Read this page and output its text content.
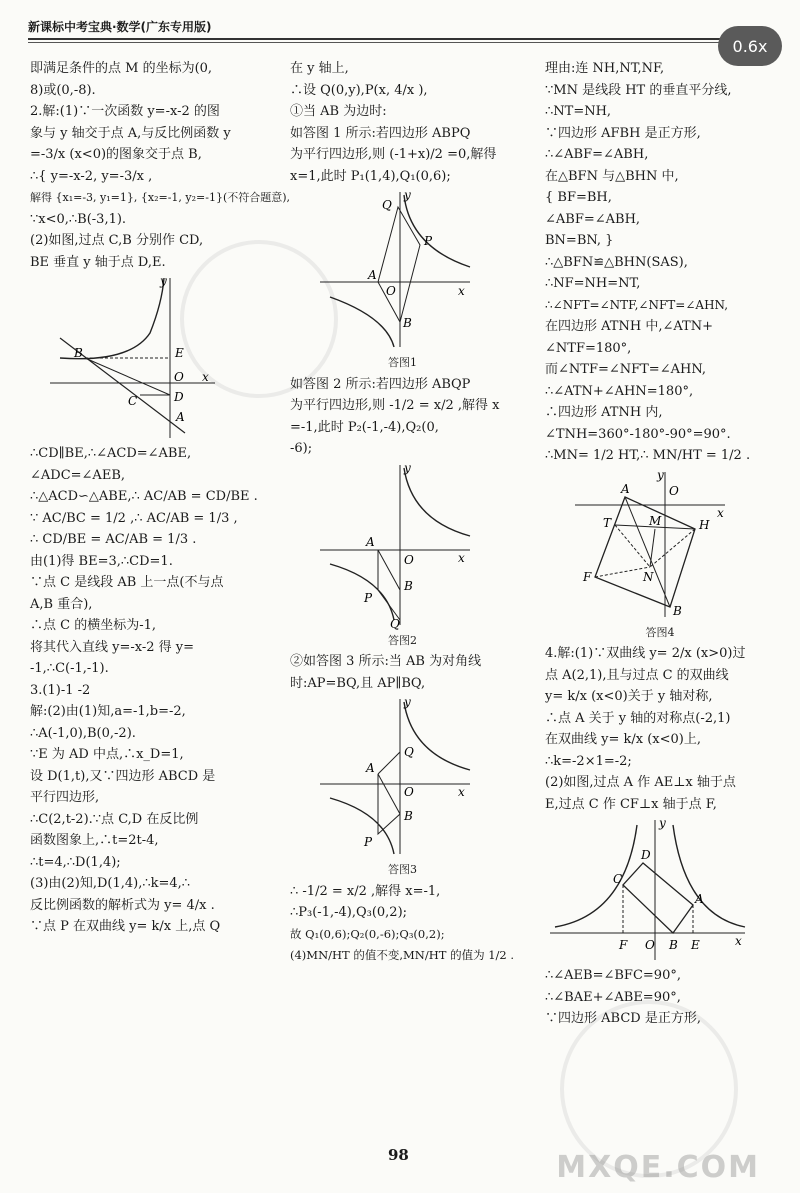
新课标中考宝典·数学(广东专用版)
0.6x

即满足条件的点 M 的坐标为(0,

8)或(0,-8).

2.解:(1)∵一次函数 y=-x-2 的图

象与 y 轴交于点 A,与反比例函数 y

=-3/x (x<0)的图象交于点 B,

∴{ y=-x-2, y=-3/x ,

解得 {x₁=-3, y₁=1}, {x₂=-1, y₂=-1}(不符合题意),

∵x<0,∴B(-3,1).

(2)如图,过点 C,B 分别作 CD,

BE 垂直 y 轴于点 D,E.

B	E
O x
y
C	D
A

∴CD∥BE,∴∠ACD=∠ABE,

∠ADC=∠AEB,

∴△ACD∽△ABE,∴ AC/AB = CD/BE .

∵ AC/BC = 1/2 ,∴ AC/AB = 1/3 ,

∴ CD/BE = AC/AB = 1/3 .

由(1)得 BE=3,∴CD=1.

∵点 C 是线段 AB 上一点(不与点

A,B 重合),

∴点 C 的横坐标为-1,

将其代入直线 y=-x-2 得 y=

-1,∴C(-1,-1).

3.(1)-1 -2

解:(2)由(1)知,a=-1,b=-2,

∴A(-1,0),B(0,-2).

∵E 为 AD 中点,∴x_D=1,

设 D(1,t),又∵四边形 ABCD 是

平行四边形,

∴C(2,t-2).∵点 C,D 在反比例

函数图象上,∴t=2t-4,

∴t=4,∴D(1,4);

(3)由(2)知,D(1,4),∴k=4,∴

反比例函数的解析式为 y= 4/x .

∵点 P 在双曲线 y= k/x 上,点 Q

在 y 轴上,

∴设 Q(0,y),P(x, 4/x ),

①当 AB 为边时:

如答图 1 所示:若四边形 ABPQ

为平行四边形,则 (-1+x)/2 =0,解得

x=1,此时 P₁(1,4),Q₁(0,6);

Q
P
A
O
B
x
y

答图1

如答图 2 所示:若四边形 ABQP

为平行四边形,则 -1/2 = x/2 ,解得 x

=-1,此时 P₂(-1,-4),Q₂(0,

-6);

A
O
B
P
Q
x
y

答图2

②如答图 3 所示:当 AB 为对角线

时:AP=BQ,且 AP∥BQ,

A
Q
O
B
P
x
y

答图3

∴ -1/2 = x/2 ,解得 x=-1,

∴P₃(-1,-4),Q₃(0,2);

故 Q₁(0,6);Q₂(0,-6);Q₃(0,2);

(4)MN/HT 的值不变,MN/HT 的值为 1/2 .

理由:连 NH,NT,NF,

∵MN 是线段 HT 的垂直平分线,

∴NT=NH,

∵四边形 AFBH 是正方形,

∴∠ABF=∠ABH,

在△BFN 与△BHN 中,

{ BF=BH,

∠ABF=∠ABH,

BN=BN, }

∴△BFN≌△BHN(SAS),

∴NF=NH=NT,

∴∠NFT=∠NTF,∠NFT=∠AHN,

在四边形 ATNH 中,∠ATN+

∠NTF=180°,

而∠NTF=∠NFT=∠AHN,

∴∠ATN+∠AHN=180°,

∴四边形 ATNH 内,

∠TNH=360°-180°-90°=90°.

∴MN= 1/2 HT,∴ MN/HT = 1/2 .

A	O
x
y
T	M	H
N
F
B

答图4

4.解:(1)∵双曲线 y= 2/x (x>0)过

点 A(2,1),且与过点 C 的双曲线

y= k/x (x<0)关于 y 轴对称,

∴点 A 关于 y 轴的对称点(-2,1)

在双曲线 y= k/x (x<0)上,

∴k=-2×1=-2;

(2)如图,过点 A 作 AE⊥x 轴于点

E,过点 C 作 CF⊥x 轴于点 F,

D
C
A
F O B E	x
y

∴∠AEB=∠BFC=90°,

∴∠BAE+∠ABE=90°,

∵四边形 ABCD 是正方形,

98	MXQE.COM
